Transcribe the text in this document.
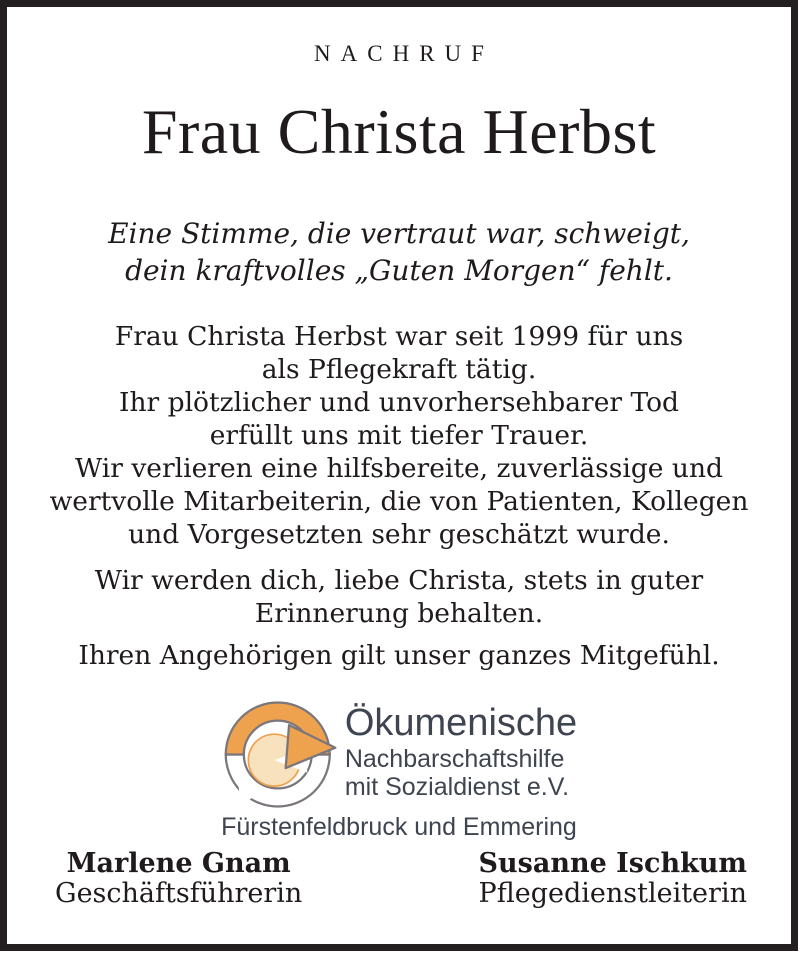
NACHRUF
Frau Christa Herbst
Eine Stimme, die vertraut war, schweigt,
dein kraftvolles „Guten Morgen“ fehlt.
Frau Christa Herbst war seit 1999 für uns
als Pflegekraft tätig.
Ihr plötzlicher und unvorhersehbarer Tod
erfüllt uns mit tiefer Trauer.
Wir verlieren eine hilfsbereite, zuverlässige und
wertvolle Mitarbeiterin, die von Patienten, Kollegen
und Vorgesetzten sehr geschätzt wurde.
Wir werden dich, liebe Christa, stets in guter
Erinnerung behalten.
Ihren Angehörigen gilt unser ganzes Mitgefühl.
Ökumenische
Nachbarschaftshilfe
mit Sozialdienst e.V.
Fürstenfeldbruck und Emmering
Marlene Gnam
Geschäftsführerin
Susanne Ischkum
Pflegedienstleiterin
